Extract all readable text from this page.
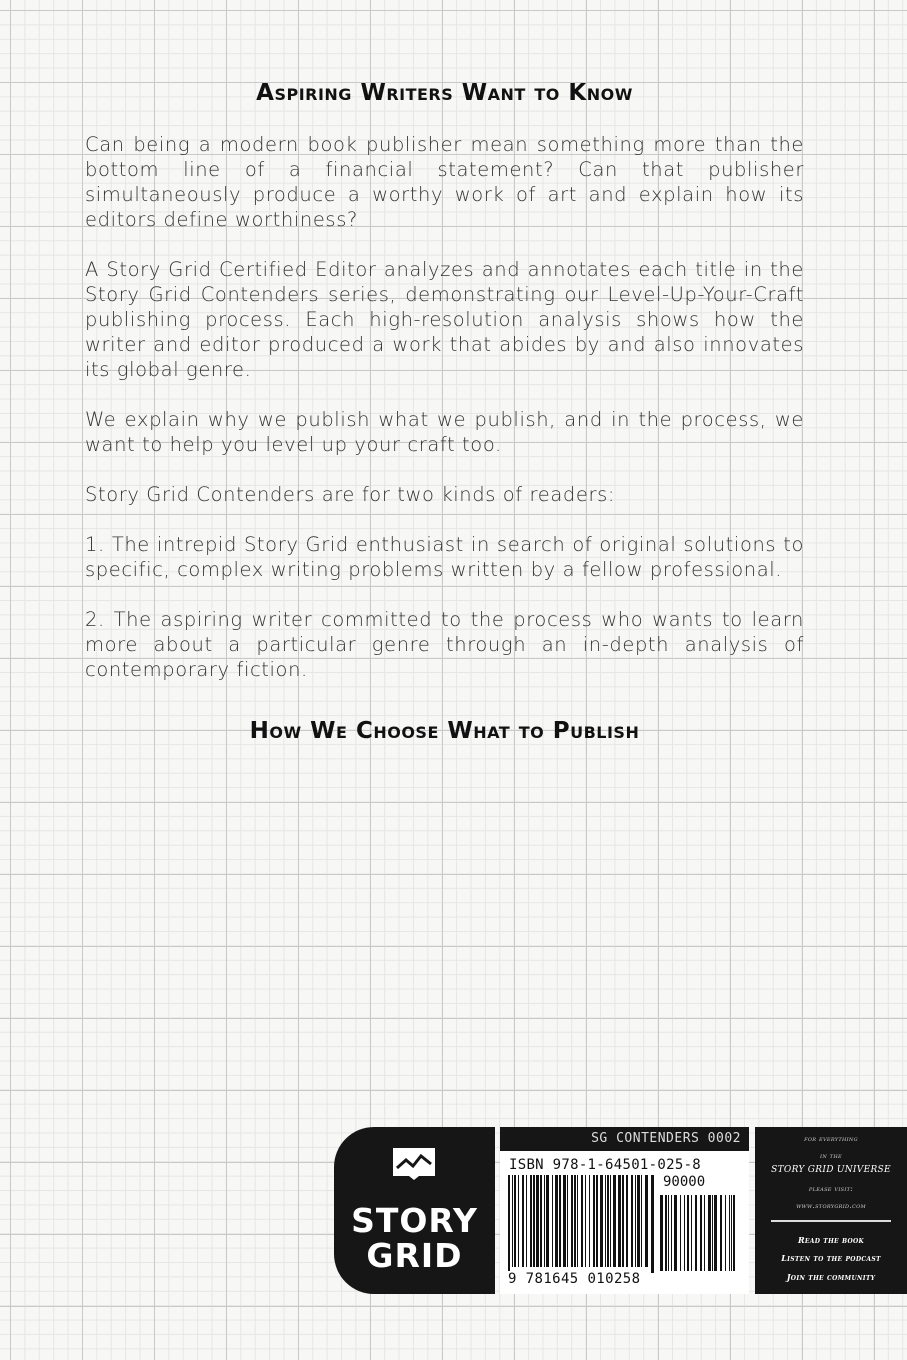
Aspiring Writers Want to Know

Can being a modern book publisher mean something more than the bottom line of a financial statement? Can that publisher simultaneously produce a worthy work of art and explain how its editors define worthiness?

A Story Grid Certified Editor analyzes and annotates each title in the Story Grid Contenders series, demonstrating our Level-Up-Your-Craft publishing process. Each high-resolution analysis shows how the writer and editor produced a work that abides by and also innovates its global genre.

We explain why we publish what we publish, and in the process, we want to help you level up your craft too.

Story Grid Contenders are for two kinds of readers:

1. The intrepid Story Grid enthusiast in search of original solutions to specific, complex writing problems written by a fellow professional.

2. The aspiring writer committed to the process who wants to learn more about a particular genre through an in-depth analysis of contemporary fiction.

How We Choose What to Publish
STORY
GRID
SG CONTENDERS 0002
ISBN 978-1-64501-025-8
90000
9 781645 010258
for everything
in the
STORY GRID UNIVERSE
please visit:
www.storygrid.com
Read the book
Listen to the podcast
Join the community
